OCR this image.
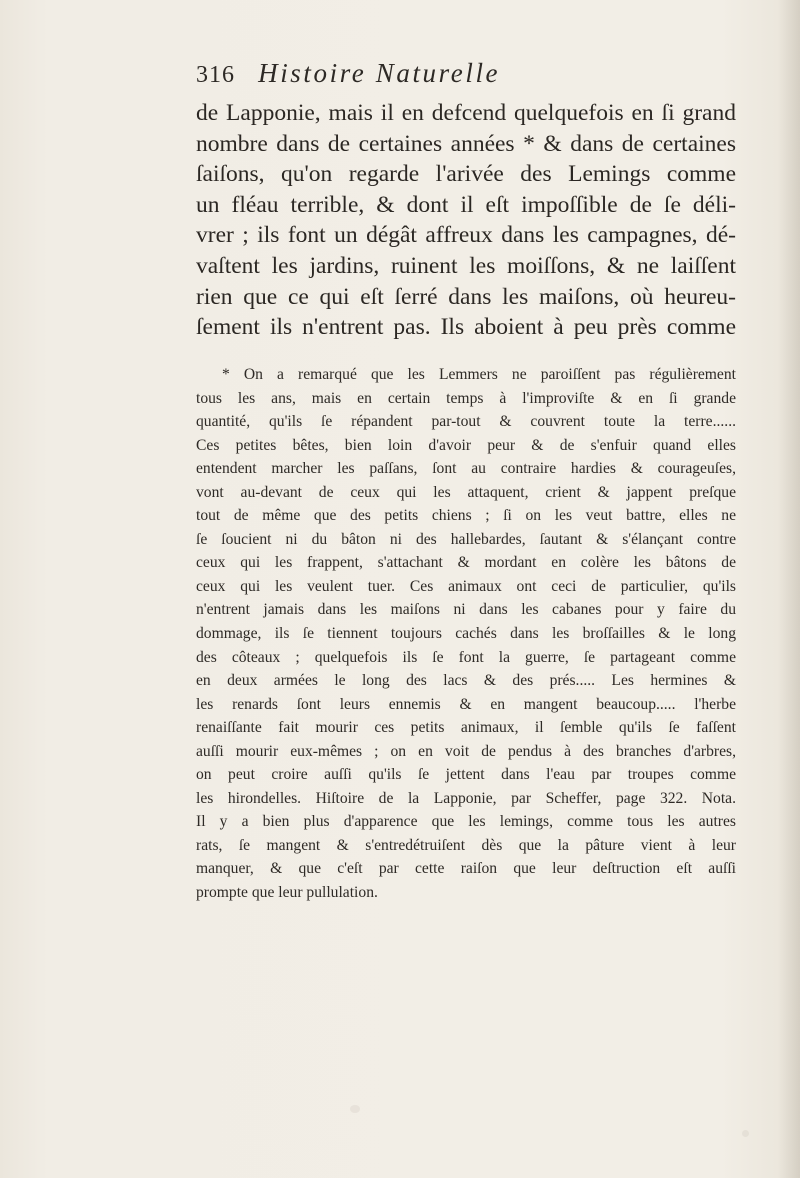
316 Histoire Naturelle
de Lapponie, mais il en defcend quelquefois en ſi grand
nombre dans de certaines années * & dans de certaines
ſaiſons, qu'on regarde l'arivée des Lemings comme
un fléau terrible, & dont il eſt impoſſible de ſe déli-
vrer ; ils font un dégât affreux dans les campagnes, dé-
vaſtent les jardins, ruinent les moiſſons, & ne laiſſent
rien que ce qui eſt ſerré dans les maiſons, où heureu-
ſement ils n'entrent pas. Ils aboient à peu près comme
* On a remarqué que les Lemmers ne paroiſſent pas régulièrement
tous les ans, mais en certain temps à l'improviſte & en ſi grande
quantité, qu'ils ſe répandent par-tout & couvrent toute la terre......
Ces petites bêtes, bien loin d'avoir peur & de s'enfuir quand elles
entendent marcher les paſſans, ſont au contraire hardies & courageuſes,
vont au-devant de ceux qui les attaquent, crient & jappent preſque
tout de même que des petits chiens ; ſi on les veut battre, elles ne
ſe ſoucient ni du bâton ni des hallebardes, ſautant & s'élançant contre
ceux qui les frappent, s'attachant & mordant en colère les bâtons de
ceux qui les veulent tuer. Ces animaux ont ceci de particulier, qu'ils
n'entrent jamais dans les maiſons ni dans les cabanes pour y faire du
dommage, ils ſe tiennent toujours cachés dans les broſſailles & le long
des côteaux ; quelquefois ils ſe font la guerre, ſe partageant comme
en deux armées le long des lacs & des prés..... Les hermines &
les renards ſont leurs ennemis & en mangent beaucoup..... l'herbe
renaiſſante fait mourir ces petits animaux, il ſemble qu'ils ſe faſſent
auſſi mourir eux-mêmes ; on en voit de pendus à des branches d'arbres,
on peut croire auſſi qu'ils ſe jettent dans l'eau par troupes comme
les hirondelles. Hiſtoire de la Lapponie, par Scheffer, page 322. Nota.
Il y a bien plus d'apparence que les lemings, comme tous les autres
rats, ſe mangent & s'entredétruiſent dès que la pâture vient à leur
manquer, & que c'eſt par cette raiſon que leur deſtruction eſt auſſi
prompte que leur pullulation.
